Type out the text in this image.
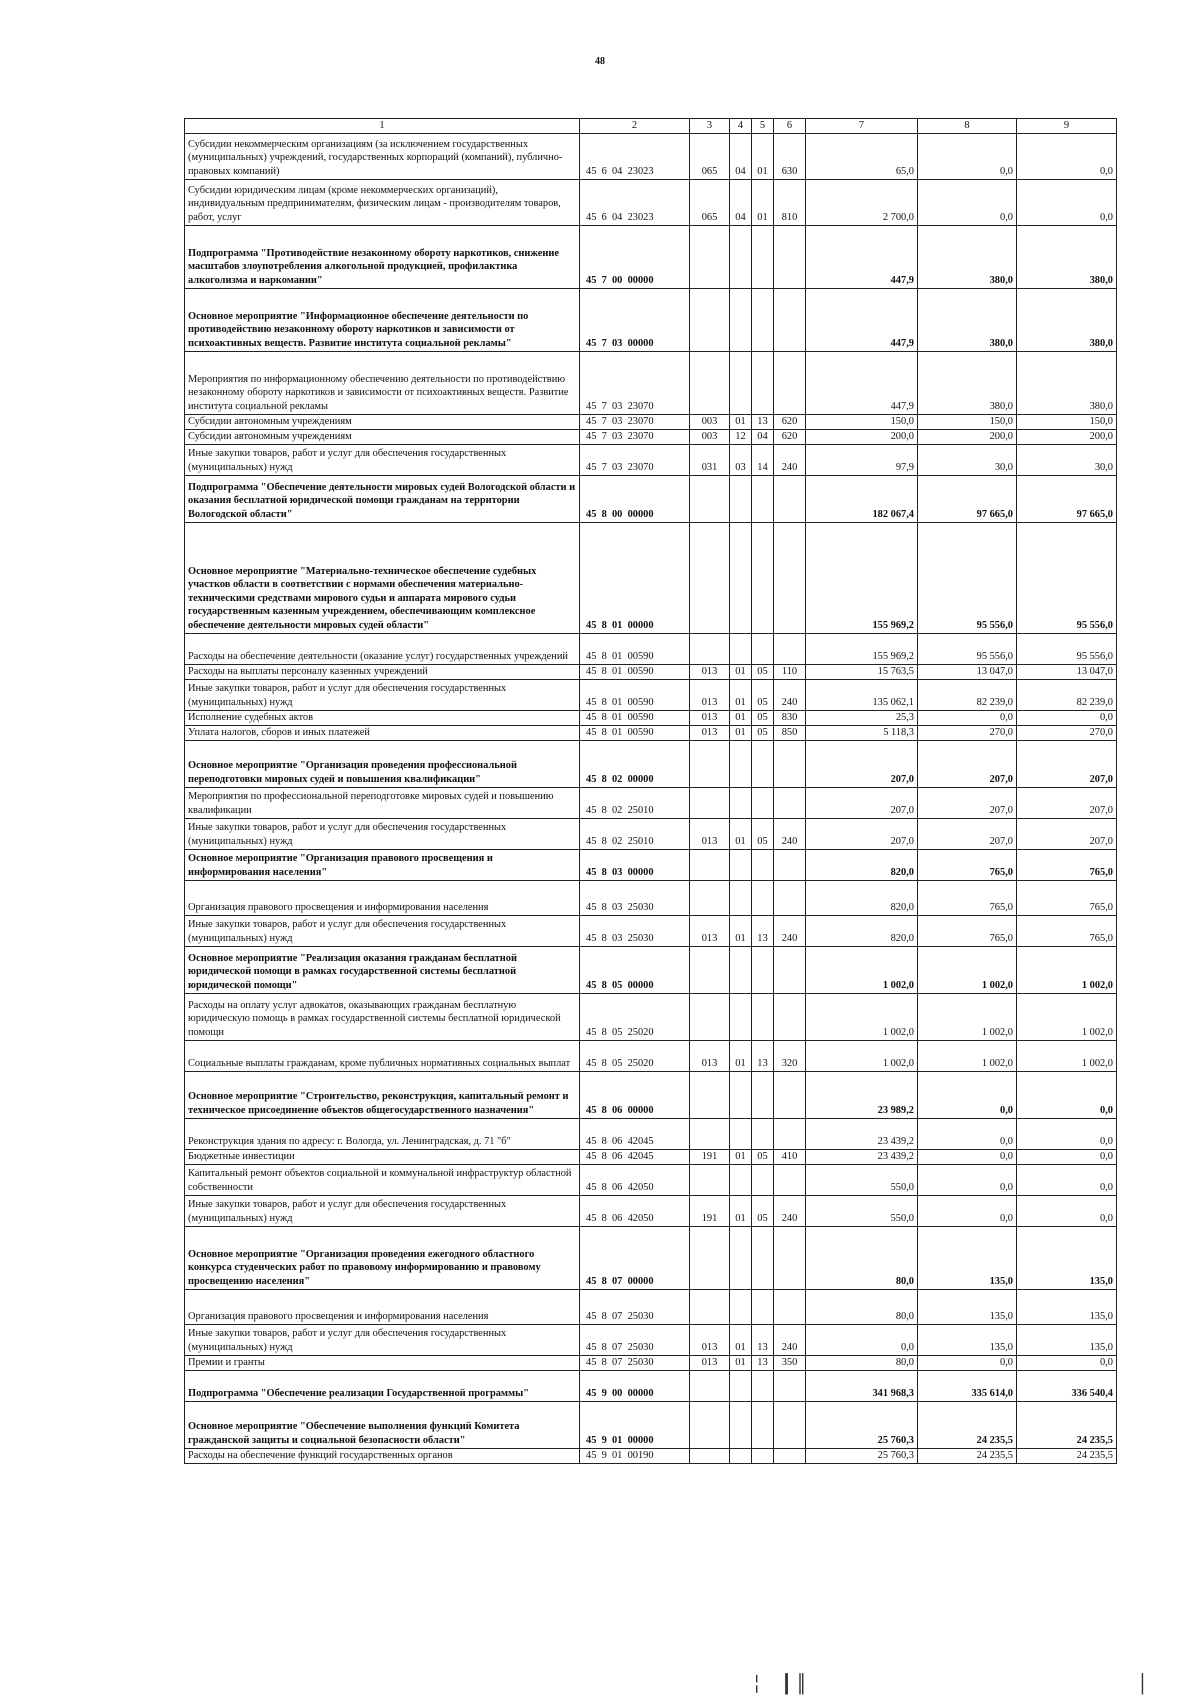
48
1	2	3	4	5	6	7	8	9
Субсидии некоммерческим организациям (за исключением государственных (муниципальных) учреждений, государственных корпораций (компаний), публично-правовых компаний)	45  6  04  23023	065	04	01	630	65,0	0,0	0,0
Субсидии юридическим лицам (кроме некоммерческих организаций), индивидуальным предпринимателям, физическим лицам - производителям товаров, работ, услуг	45  6  04  23023	065	04	01	810	2 700,0	0,0	0,0
Подпрограмма "Противодействие незаконному обороту наркотиков, снижение масштабов злоупотребления алкогольной продукцией, профилактика алкоголизма и наркомании"	45  7  00  00000					447,9	380,0	380,0
Основное мероприятие "Информационное обеспечение деятельности по противодействию незаконному обороту наркотиков и зависимости от психоактивных веществ. Развитие института социальной рекламы"	45  7  03  00000					447,9	380,0	380,0
Мероприятия по информационному обеспечению деятельности по противодействию незаконному обороту наркотиков и зависимости от психоактивных веществ. Развитие института социальной рекламы	45  7  03  23070					447,9	380,0	380,0
Субсидии автономным учреждениям	45  7  03  23070	003	01	13	620	150,0	150,0	150,0
Субсидии автономным учреждениям	45  7  03  23070	003	12	04	620	200,0	200,0	200,0
Иные закупки товаров, работ и услуг для обеспечения государственных (муниципальных) нужд	45  7  03  23070	031	03	14	240	97,9	30,0	30,0
Подпрограмма "Обеспечение деятельности мировых судей Вологодской области и оказания бесплатной юридической помощи гражданам на территории Вологодской области"	45  8  00  00000					182 067,4	97 665,0	97 665,0
Основное мероприятие "Материально-техническое обеспечение судебных участков области в соответствии с нормами обеспечения материально-техническими средствами мирового судьи и аппарата мирового судьи государственным казенным учреждением, обеспечивающим комплексное обеспечение деятельности мировых судей области"	45  8  01  00000					155 969,2	95 556,0	95 556,0
Расходы на обеспечение деятельности (оказание услуг) государственных учреждений	45  8  01  00590					155 969,2	95 556,0	95 556,0
Расходы на выплаты персоналу казенных учреждений	45  8  01  00590	013	01	05	110	15 763,5	13 047,0	13 047,0
Иные закупки товаров, работ и услуг для обеспечения государственных (муниципальных) нужд	45  8  01  00590	013	01	05	240	135 062,1	82 239,0	82 239,0
Исполнение судебных актов	45  8  01  00590	013	01	05	830	25,3	0,0	0,0
Уплата налогов, сборов и иных платежей	45  8  01  00590	013	01	05	850	5 118,3	270,0	270,0
Основное мероприятие "Организация проведения профессиональной переподготовки мировых судей и повышения квалификации"	45  8  02  00000					207,0	207,0	207,0
Мероприятия по профессиональной переподготовке мировых судей и повышению квалификации	45  8  02  25010					207,0	207,0	207,0
Иные закупки товаров, работ и услуг для обеспечения государственных (муниципальных) нужд	45  8  02  25010	013	01	05	240	207,0	207,0	207,0
Основное мероприятие "Организация правового просвещения и информирования населения"	45  8  03  00000					820,0	765,0	765,0
Организация правового просвещения и информирования населения	45  8  03  25030					820,0	765,0	765,0
Иные закупки товаров, работ и услуг для обеспечения государственных (муниципальных) нужд	45  8  03  25030	013	01	13	240	820,0	765,0	765,0
Основное мероприятие "Реализация оказания гражданам бесплатной юридической помощи в рамках государственной системы бесплатной юридической помощи"	45  8  05  00000					1 002,0	1 002,0	1 002,0
Расходы на оплату услуг адвокатов, оказывающих гражданам бесплатную юридическую помощь в рамках государственной системы бесплатной юридической помощи	45  8  05  25020					1 002,0	1 002,0	1 002,0
Социальные выплаты гражданам, кроме публичных нормативных социальных выплат	45  8  05  25020	013	01	13	320	1 002,0	1 002,0	1 002,0
Основное мероприятие "Строительство, реконструкция, капитальный ремонт и техническое присоединение объектов общегосударственного назначения"	45  8  06  00000					23 989,2	0,0	0,0
Реконструкция здания по адресу: г. Вологда, ул. Ленинградская, д. 71 "б"	45  8  06  42045					23 439,2	0,0	0,0
Бюджетные инвестиции	45  8  06  42045	191	01	05	410	23 439,2	0,0	0,0
Капитальный ремонт объектов социальной и коммунальной инфраструктур областной собственности	45  8  06  42050					550,0	0,0	0,0
Иные закупки товаров, работ и услуг для обеспечения государственных (муниципальных) нужд	45  8  06  42050	191	01	05	240	550,0	0,0	0,0
Основное мероприятие "Организация проведения ежегодного областного конкурса студенческих работ по правовому информированию и правовому просвещению населения"	45  8  07  00000					80,0	135,0	135,0
Организация правового просвещения и информирования населения	45  8  07  25030					80,0	135,0	135,0
Иные закупки товаров, работ и услуг для обеспечения государственных (муниципальных) нужд	45  8  07  25030	013	01	13	240	0,0	135,0	135,0
Премии и гранты	45  8  07  25030	013	01	13	350	80,0	0,0	0,0
Подпрограмма "Обеспечение реализации Государственной программы"	45  9  00  00000					341 968,3	335 614,0	336 540,4
Основное мероприятие "Обеспечение выполнения функций Комитета гражданской защиты и социальной безопасности области"	45  9  01  00000					25 760,3	24 235,5	24 235,5
Расходы на обеспечение функций государственных органов	45  9  01  00190					25 760,3	24 235,5	24 235,5
╎ ┃║                      │
